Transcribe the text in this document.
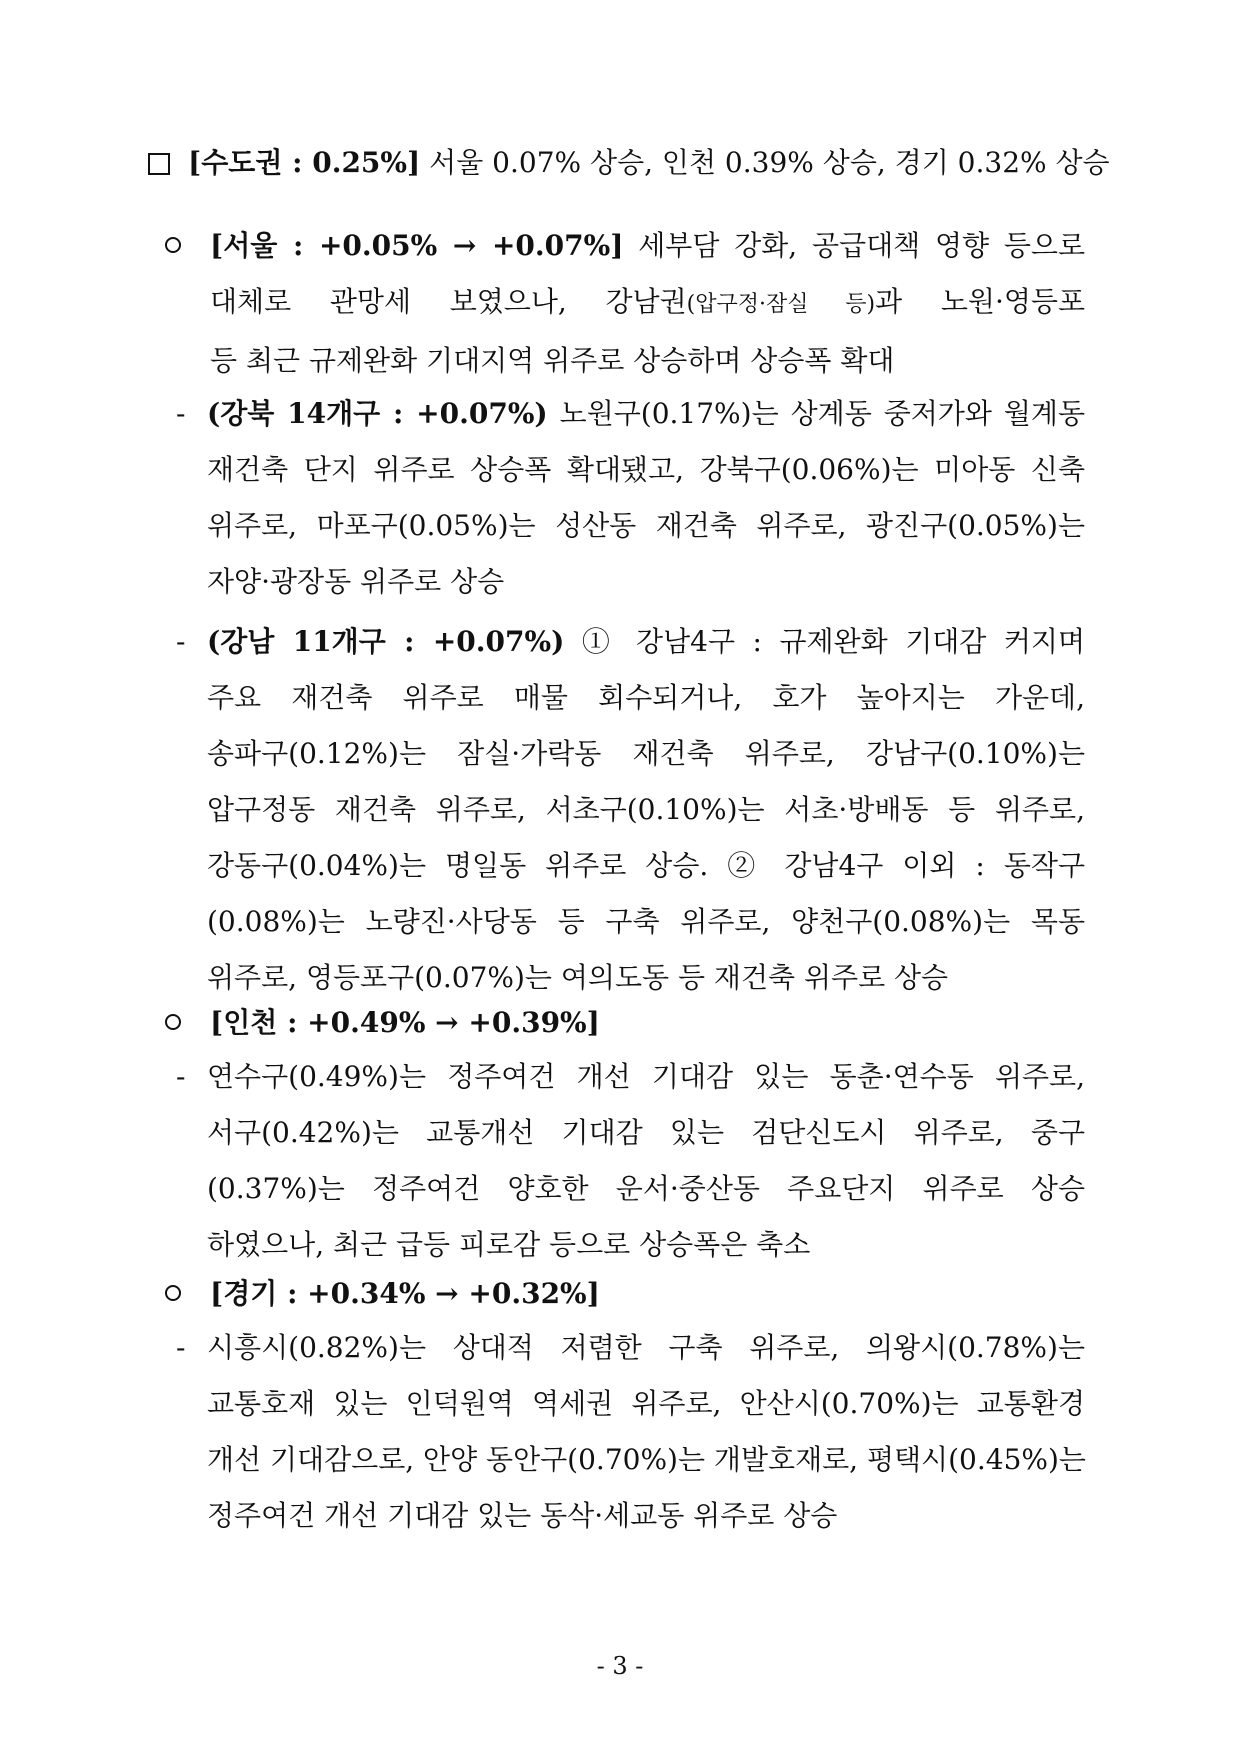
[수도권 : 0.25%] 서울 0.07% 상승, 인천 0.39% 상승, 경기 0.32% 상승
[서울 : +0.05% → +0.07%] 세부담 강화, 공급대책 영향 등으로
대체로 관망세 보였으나, 강남권(압구정·잠실 등)과 노원·영등포
등 최근 규제완화 기대지역 위주로 상승하며 상승폭 확대
- (강북 14개구 : +0.07%) 노원구(0.17%)는 상계동 중저가와 월계동
재건축 단지 위주로 상승폭 확대됐고, 강북구(0.06%)는 미아동 신축
위주로, 마포구(0.05%)는 성산동 재건축 위주로, 광진구(0.05%)는
자양·광장동 위주로 상승
- (강남 11개구 : +0.07%) ① 강남4구 : 규제완화 기대감 커지며
주요 재건축 위주로 매물 회수되거나, 호가 높아지는 가운데,
송파구(0.12%)는 잠실·가락동 재건축 위주로, 강남구(0.10%)는
압구정동 재건축 위주로, 서초구(0.10%)는 서초·방배동 등 위주로,
강동구(0.04%)는 명일동 위주로 상승. ② 강남4구 이외 : 동작구
(0.08%)는 노량진·사당동 등 구축 위주로, 양천구(0.08%)는 목동
위주로, 영등포구(0.07%)는 여의도동 등 재건축 위주로 상승
[인천 : +0.49% → +0.39%]
- 연수구(0.49%)는 정주여건 개선 기대감 있는 동춘·연수동 위주로,
서구(0.42%)는 교통개선 기대감 있는 검단신도시 위주로, 중구
(0.37%)는 정주여건 양호한 운서·중산동 주요단지 위주로 상승
하였으나, 최근 급등 피로감 등으로 상승폭은 축소
[경기 : +0.34% → +0.32%]
- 시흥시(0.82%)는 상대적 저렴한 구축 위주로, 의왕시(0.78%)는
교통호재 있는 인덕원역 역세권 위주로, 안산시(0.70%)는 교통환경
개선 기대감으로, 안양 동안구(0.70%)는 개발호재로, 평택시(0.45%)는
정주여건 개선 기대감 있는 동삭·세교동 위주로 상승
- 3 -
